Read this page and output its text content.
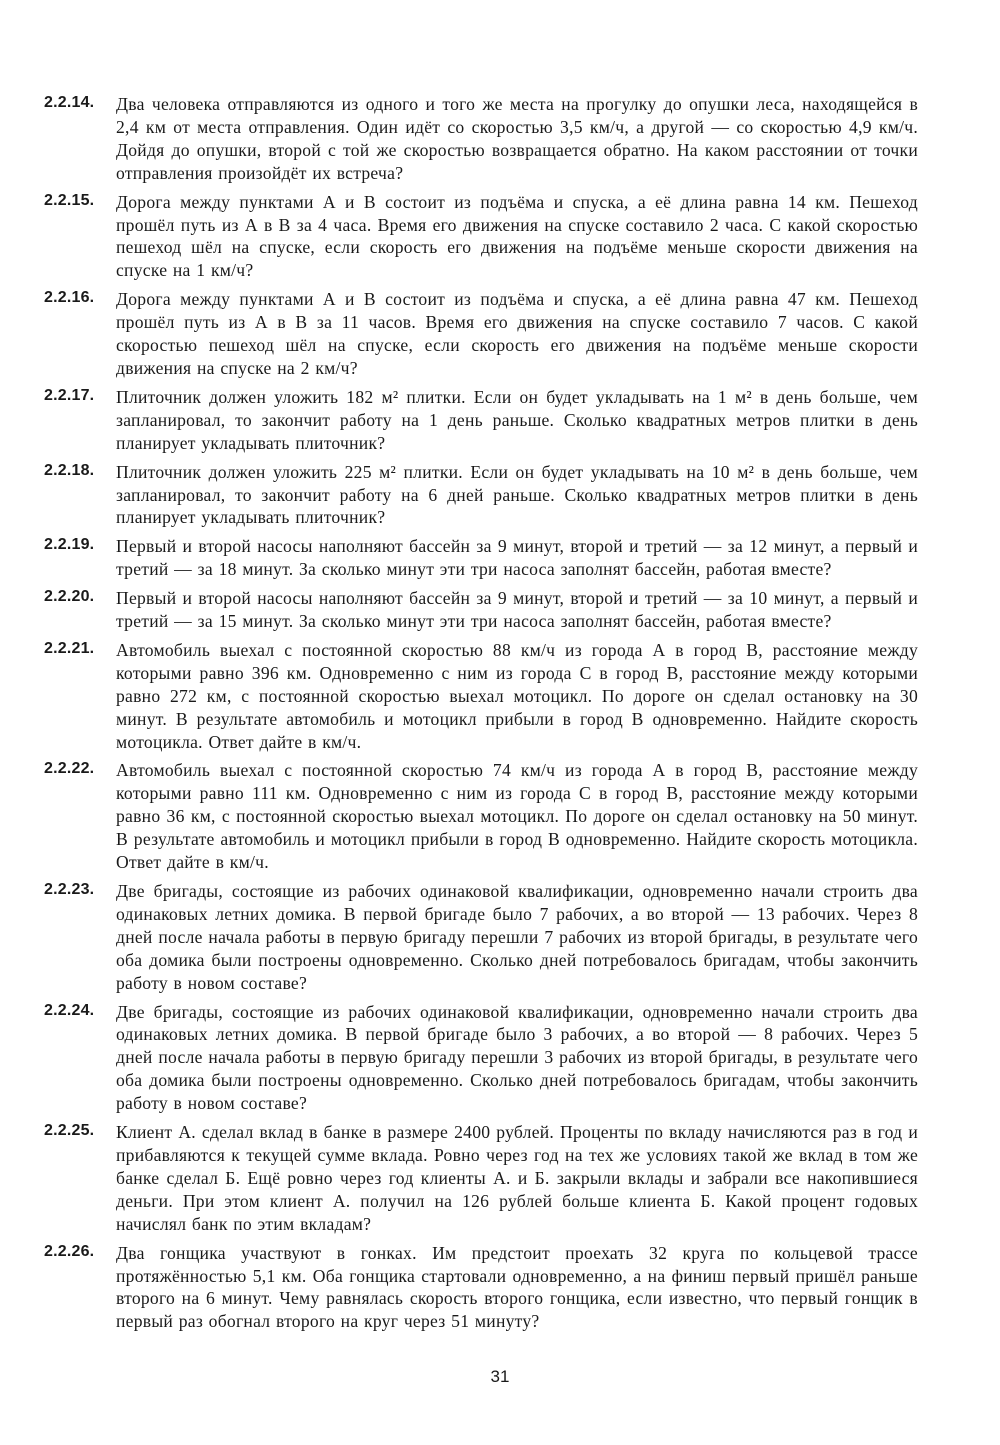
2.2.14. Два человека отправляются из одного и того же места на прогулку до опушки леса, находящейся в 2,4 км от места отправления. Один идёт со скоростью 3,5 км/ч, а другой — со скоростью 4,9 км/ч. Дойдя до опушки, второй с той же скоростью возвращается обратно. На каком расстоянии от точки отправления произойдёт их встреча?
2.2.15. Дорога между пунктами А и В состоит из подъёма и спуска, а её длина равна 14 км. Пешеход прошёл путь из А в В за 4 часа. Время его движения на спуске составило 2 часа. С какой скоростью пешеход шёл на спуске, если скорость его движения на подъёме меньше скорости движения на спуске на 1 км/ч?
2.2.16. Дорога между пунктами А и В состоит из подъёма и спуска, а её длина равна 47 км. Пешеход прошёл путь из А в В за 11 часов. Время его движения на спуске составило 7 часов. С какой скоростью пешеход шёл на спуске, если скорость его движения на подъёме меньше скорости движения на спуске на 2 км/ч?
2.2.17. Плиточник должен уложить 182 м² плитки. Если он будет укладывать на 1 м² в день больше, чем запланировал, то закончит работу на 1 день раньше. Сколько квадратных метров плитки в день планирует укладывать плиточник?
2.2.18. Плиточник должен уложить 225 м² плитки. Если он будет укладывать на 10 м² в день больше, чем запланировал, то закончит работу на 6 дней раньше. Сколько квадратных метров плитки в день планирует укладывать плиточник?
2.2.19. Первый и второй насосы наполняют бассейн за 9 минут, второй и третий — за 12 минут, а первый и третий — за 18 минут. За сколько минут эти три насоса заполнят бассейн, работая вместе?
2.2.20. Первый и второй насосы наполняют бассейн за 9 минут, второй и третий — за 10 минут, а первый и третий — за 15 минут. За сколько минут эти три насоса заполнят бассейн, работая вместе?
2.2.21. Автомобиль выехал с постоянной скоростью 88 км/ч из города А в город В, расстояние между которыми равно 396 км. Одновременно с ним из города С в город В, расстояние между которыми равно 272 км, с постоянной скоростью выехал мотоцикл. По дороге он сделал остановку на 30 минут. В результате автомобиль и мотоцикл прибыли в город В одновременно. Найдите скорость мотоцикла. Ответ дайте в км/ч.
2.2.22. Автомобиль выехал с постоянной скоростью 74 км/ч из города А в город В, расстояние между которыми равно 111 км. Одновременно с ним из города С в город В, расстояние между которыми равно 36 км, с постоянной скоростью выехал мотоцикл. По дороге он сделал остановку на 50 минут. В результате автомобиль и мотоцикл прибыли в город В одновременно. Найдите скорость мотоцикла. Ответ дайте в км/ч.
2.2.23. Две бригады, состоящие из рабочих одинаковой квалификации, одновременно начали строить два одинаковых летних домика. В первой бригаде было 7 рабочих, а во второй — 13 рабочих. Через 8 дней после начала работы в первую бригаду перешли 7 рабочих из второй бригады, в результате чего оба домика были построены одновременно. Сколько дней потребовалось бригадам, чтобы закончить работу в новом составе?
2.2.24. Две бригады, состоящие из рабочих одинаковой квалификации, одновременно начали строить два одинаковых летних домика. В первой бригаде было 3 рабочих, а во второй — 8 рабочих. Через 5 дней после начала работы в первую бригаду перешли 3 рабочих из второй бригады, в результате чего оба домика были построены одновременно. Сколько дней потребовалось бригадам, чтобы закончить работу в новом составе?
2.2.25. Клиент А. сделал вклад в банке в размере 2400 рублей. Проценты по вкладу начисляются раз в год и прибавляются к текущей сумме вклада. Ровно через год на тех же условиях такой же вклад в том же банке сделал Б. Ещё ровно через год клиенты А. и Б. закрыли вклады и забрали все накопившиеся деньги. При этом клиент А. получил на 126 рублей больше клиента Б. Какой процент годовых начислял банк по этим вкладам?
2.2.26. Два гонщика участвуют в гонках. Им предстоит проехать 32 круга по кольцевой трассе протяжённостью 5,1 км. Оба гонщика стартовали одновременно, а на финиш первый пришёл раньше второго на 6 минут. Чему равнялась скорость второго гонщика, если известно, что первый гонщик в первый раз обогнал второго на круг через 51 минуту?
31
